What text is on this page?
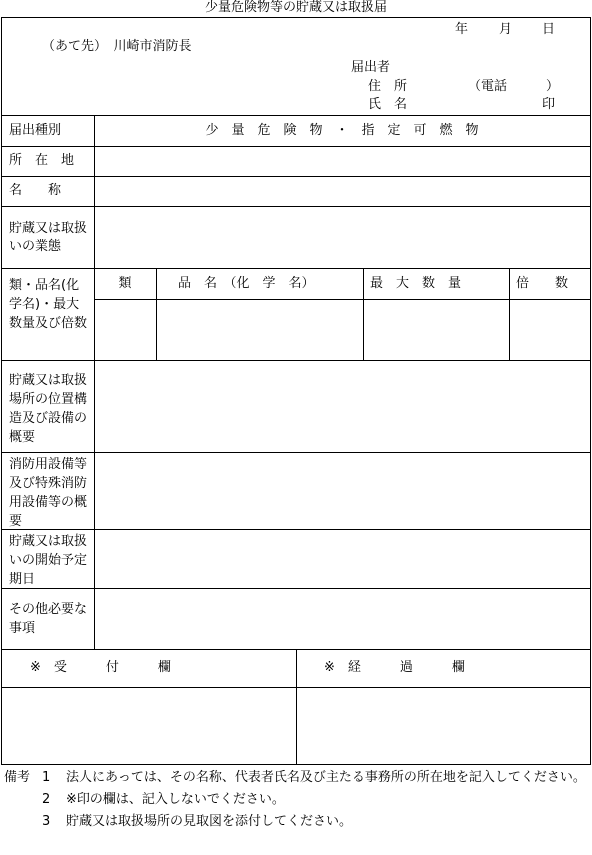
少量危険物等の貯蔵又は取扱届
年 月 日
（あて先）　川崎市消防長
届出者
住　所	（電話　　　）
氏　名	印
届出種別	少　量　危　険　物　・　指　定　可　燃　物
所　在　地
名　　称
貯蔵又は取扱いの業態
類・品名(化学名)・最大数量及び倍数
類	品　名　（化　学　名）	最　大　数　量	倍　　数
貯蔵又は取扱場所の位置構造及び設備の概要
消防用設備等及び特殊消防用設備等の概要
貯蔵又は取扱いの開始予定期日
その他必要な事項
※　受　　　付　　　欄	※　経　　　過　　　欄
備考 1	法人にあっては、その名称、代表者氏名及び主たる事務所の所在地を記入してください。
2	※印の欄は、記入しないでください。
3	貯蔵又は取扱場所の見取図を添付してください。
